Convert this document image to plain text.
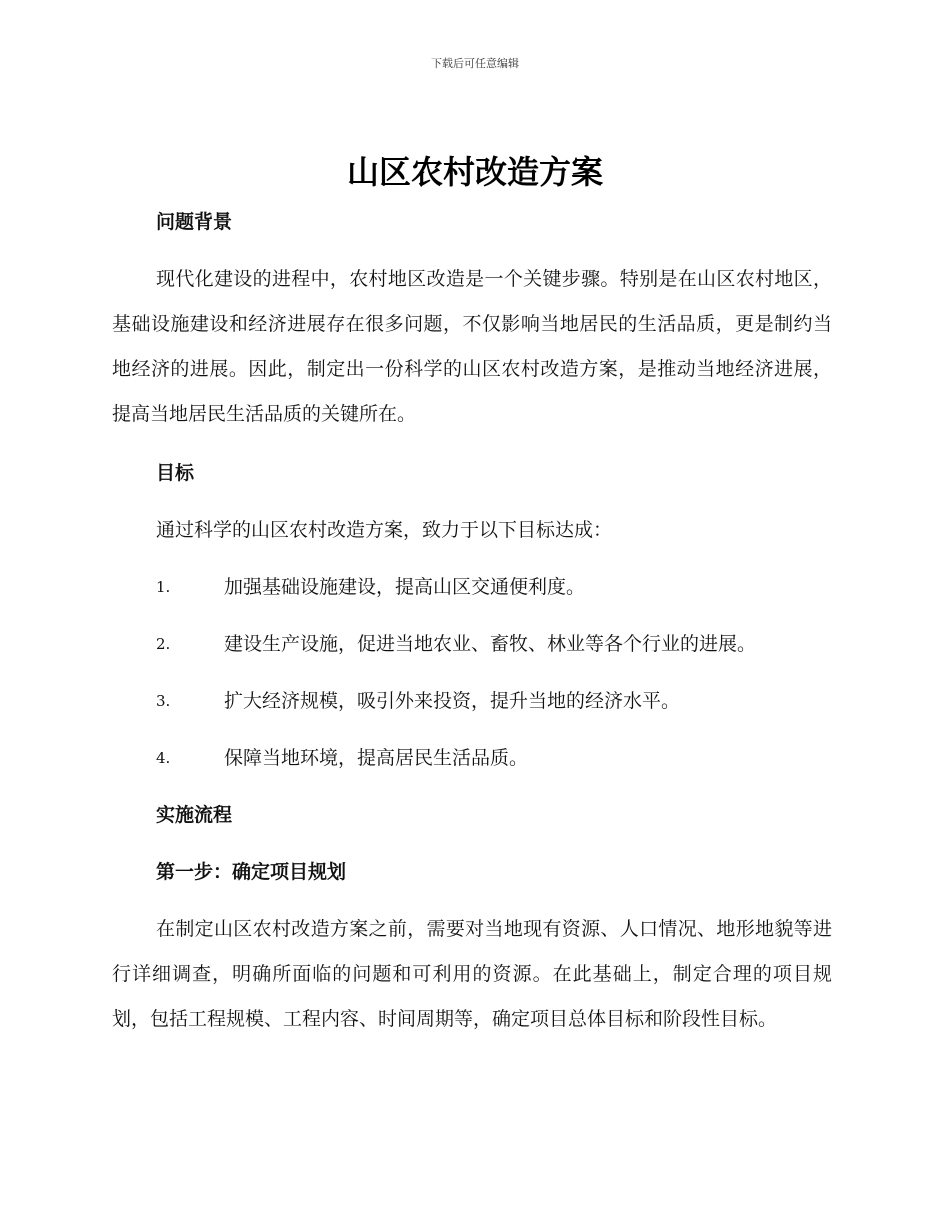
下载后可任意编辑
山区农村改造方案
问题背景

现代化建设的进程中，农村地区改造是一个关键步骤。特别是在山区农村地区，基础设施建设和经济进展存在很多问题，不仅影响当地居民的生活品质，更是制约当地经济的进展。因此，制定出一份科学的山区农村改造方案，是推动当地经济进展，提高当地居民生活品质的关键所在。

目标

通过科学的山区农村改造方案，致力于以下目标达成：

1.	加强基础设施建设，提高山区交通便利度。
2.	建设生产设施，促进当地农业、畜牧、林业等各个行业的进展。
3.	扩大经济规模，吸引外来投资，提升当地的经济水平。
4.	保障当地环境，提高居民生活品质。
实施流程
第一步：确定项目规划

在制定山区农村改造方案之前，需要对当地现有资源、人口情况、地形地貌等进行详细调查，明确所面临的问题和可利用的资源。在此基础上，制定合理的项目规划，包括工程规模、工程内容、时间周期等，确定项目总体目标和阶段性目标。
